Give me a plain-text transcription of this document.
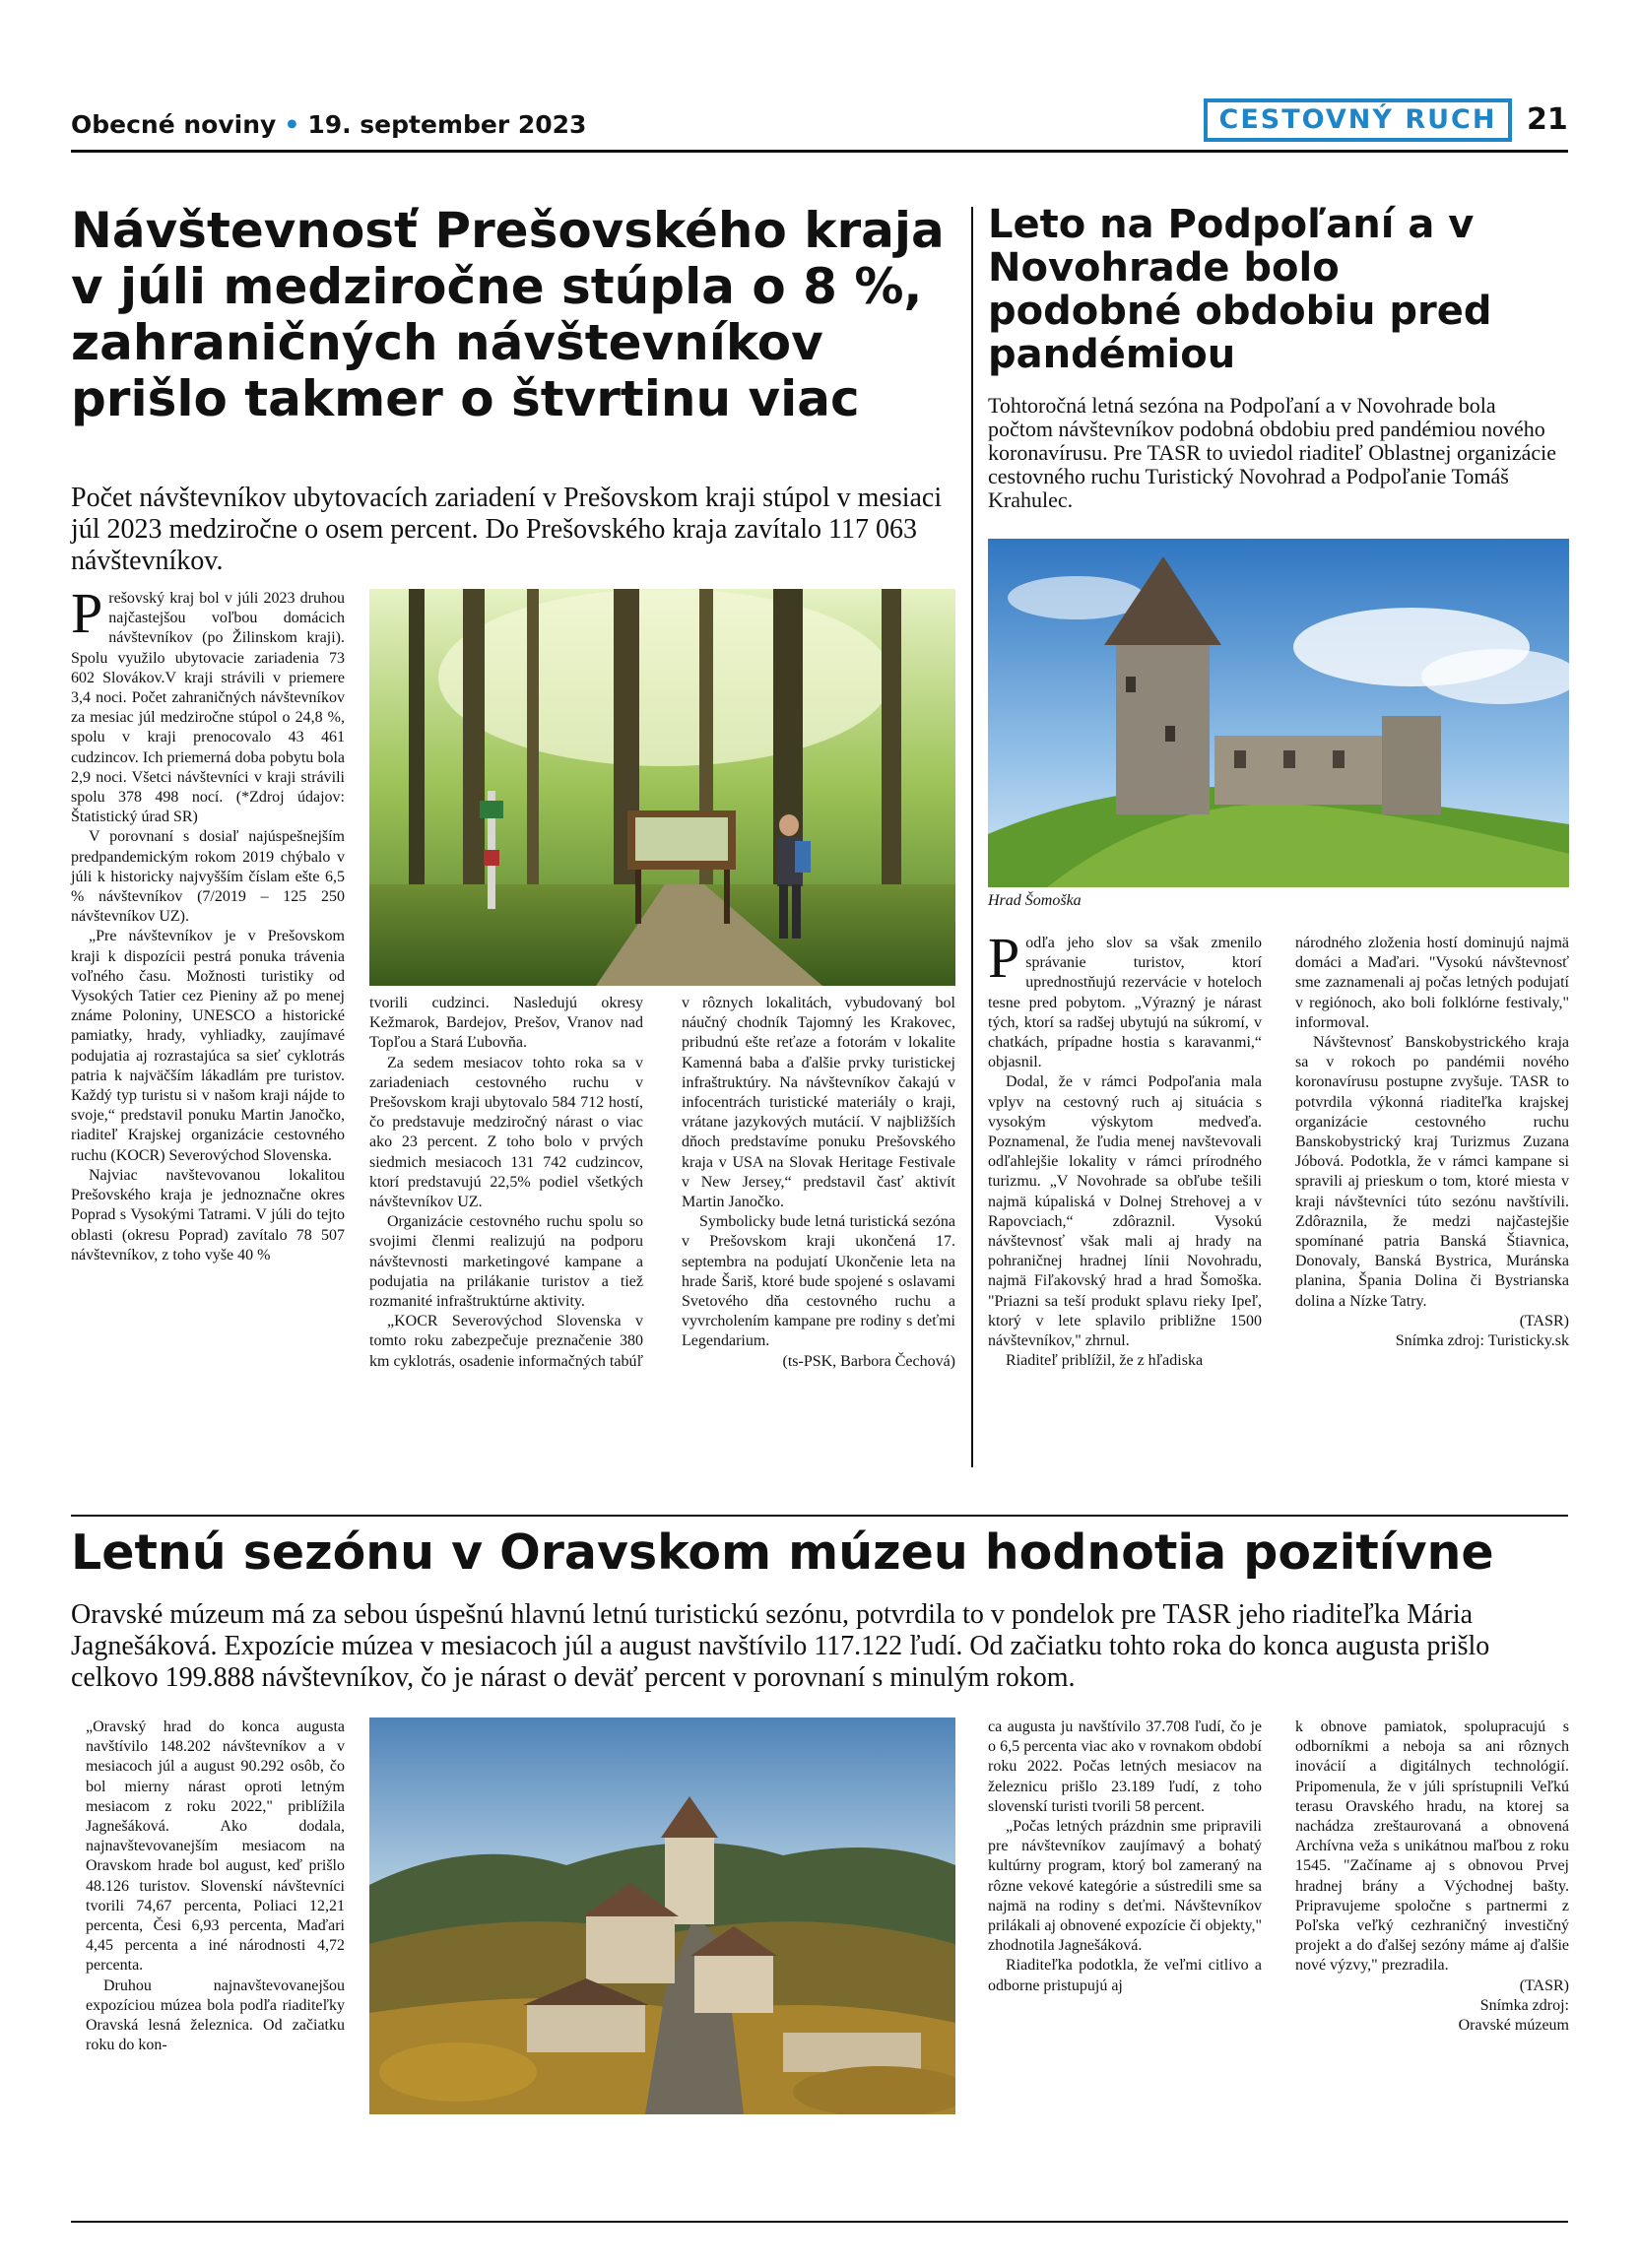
Obecné noviny • 19. september 2023	CESTOVNÝ RUCH	21
Návštevnosť Prešovského kraja v júli medziročne stúpla o 8 %, zahraničných návštevníkov prišlo takmer o štvrtinu viac

Počet návštevníkov ubytovacích zariadení v Prešovskom kraji stúpol v mesiaci júl 2023 medziročne o osem percent. Do Prešovského kraja zavítalo 117 063 návštevníkov.

Prešovský kraj bol v júli 2023 druhou najčastejšou voľbou domácich návštevníkov (po Žilinskom kraji). Spolu využilo ubytovacie zariadenia 73 602 Slovákov.V kraji strávili v priemere 3,4 noci. Počet zahraničných návštevníkov za mesiac júl medziročne stúpol o 24,8 %, spolu v kraji prenocovalo 43 461 cudzincov. Ich priemerná doba pobytu bola 2,9 noci. Všetci návštevníci v kraji strávili spolu 378 498 nocí. (*Zdroj údajov: Štatistický úrad SR)

V porovnaní s dosiaľ najúspešnejším predpandemickým rokom 2019 chýbalo v júli k historicky najvyšším číslam ešte 6,5 % návštevníkov (7/2019 – 125 250 návštevníkov UZ).

„Pre návštevníkov je v Prešovskom kraji k dispozícii pestrá ponuka trávenia voľného času. Možnosti turistiky od Vysokých Tatier cez Pieniny až po menej známe Poloniny, UNESCO a historické pamiatky, hrady, vyhliadky, zaujímavé podujatia aj rozrastajúca sa sieť cyklotrás patria k najväčším lákadlám pre turistov. Každý typ turistu si v našom kraji nájde to svoje,“ predstavil ponuku Martin Janočko, riaditeľ Krajskej organizácie cestovného ruchu (KOCR) Severovýchod Slovenska.

Najviac navštevovanou lokalitou Prešovského kraja je jednoznačne okres Poprad s Vysokými Tatrami. V júli do tejto oblasti (okresu Poprad) zavítalo 78 507 návštevníkov, z toho vyše 40 %

tvorili cudzinci. Nasledujú okresy Kežmarok, Bardejov, Prešov, Vranov nad Topľou a Stará Ľubovňa.

Za sedem mesiacov tohto roka sa v zariadeniach cestovného ruchu v Prešovskom kraji ubytovalo 584 712 hostí, čo predstavuje medziročný nárast o viac ako 23 percent. Z toho bolo v prvých siedmich mesiacoch 131 742 cudzincov, ktorí predstavujú 22,5% podiel všetkých návštevníkov UZ.

Organizácie cestovného ruchu spolu so svojimi členmi realizujú na podporu návštevnosti marketingové kampane a podujatia na prilákanie turistov a tiež rozmanité infraštruktúrne aktivity.

„KOCR Severovýchod Slovenska v tomto roku zabezpečuje preznačenie 380 km cyklotrás, osadenie informačných tabúľ

v rôznych lokalitách, vybudovaný bol náučný chodník Tajomný les Krakovec, pribudnú ešte reťaze a fotorám v lokalite Kamenná baba a ďalšie prvky turistickej infraštruktúry. Na návštevníkov čakajú v infocentrách turistické materiály o kraji, vrátane jazykových mutácií. V najbližších dňoch predstavíme ponuku Prešovského kraja v USA na Slovak Heritage Festivale v New Jersey,“ predstavil časť aktivít Martin Janočko.

Symbolicky bude letná turistická sezóna v Prešovskom kraji ukončená 17. septembra na podujatí Ukončenie leta na hrade Šariš, ktoré bude spojené s oslavami Svetového dňa cestovného ruchu a vyvrcholením kampane pre rodiny s deťmi Legendarium.

(ts-PSK, Barbora Čechová)

Leto na Podpoľaní a v Novohrade bolo podobné obdobiu pred pandémiou

Tohtoročná letná sezóna na Podpoľaní a v Novohrade bola počtom návštevníkov podobná obdobiu pred pandémiou nového koronavírusu. Pre TASR to uviedol riaditeľ Oblastnej organizácie cestovného ruchu Turistický Novohrad a Podpoľanie Tomáš Krahulec.

Hrad Šomoška

Podľa jeho slov sa však zmenilo správanie turistov, ktorí uprednostňujú rezervácie v hoteloch tesne pred pobytom. „Výrazný je nárast tých, ktorí sa radšej ubytujú na súkromí, v chatkách, prípadne hostia s karavanmi,“ objasnil.

Dodal, že v rámci Podpoľania mala vplyv na cestovný ruch aj situácia s vysokým výskytom medveďa. Poznamenal, že ľudia menej navštevovali odľahlejšie lokality v rámci prírodného turizmu. „V Novohrade sa obľube tešili najmä kúpaliská v Dolnej Strehovej a v Rapovciach,“ zdôraznil. Vysokú návštevnosť však mali aj hrady na pohraničnej hradnej línii Novohradu, najmä Fiľakovský hrad a hrad Šomoška. "Priazni sa teší produkt splavu rieky Ipeľ, ktorý v lete splavilo približne 1500 návštevníkov," zhrnul.

Riaditeľ priblížil, že z hľadiska

národného zloženia hostí dominujú najmä domáci a Maďari. "Vysokú návštevnosť sme zaznamenali aj počas letných podujatí v regiónoch, ako boli folklórne festivaly," informoval.

Návštevnosť Banskobystrického kraja sa v rokoch po pandémii nového koronavírusu postupne zvyšuje. TASR to potvrdila výkonná riaditeľka krajskej organizácie cestovného ruchu Banskobystrický kraj Turizmus Zuzana Jóbová. Podotkla, že v rámci kampane si spravili aj prieskum o tom, ktoré miesta v kraji návštevníci túto sezónu navštívili. Zdôraznila, že medzi najčastejšie spomínané patria Banská Štiavnica, Donovaly, Banská Bystrica, Muránska planina, Špania Dolina či Bystrianska dolina a Nízke Tatry.

(TASR)

Snímka zdroj: Turisticky.sk

Letnú sezónu v Oravskom múzeu hodnotia pozitívne

Oravské múzeum má za sebou úspešnú hlavnú letnú turistickú sezónu, potvrdila to v pondelok pre TASR jeho riaditeľka Mária Jagnešáková. Expozície múzea v mesiacoch júl a august navštívilo 117.122 ľudí. Od začiatku tohto roka do konca augusta prišlo celkovo 199.888 návštevníkov, čo je nárast o deväť percent v porovnaní s minulým rokom.

„Oravský hrad do konca augusta navštívilo 148.202 návštevníkov a v mesiacoch júl a august 90.292 osôb, čo bol mierny nárast oproti letným mesiacom z roku 2022," priblížila Jagnešáková. Ako dodala, najnavštevovanejším mesiacom na Oravskom hrade bol august, keď prišlo 48.126 turistov. Slovenskí návštevníci tvorili 74,67 percenta, Poliaci 12,21 percenta, Česi 6,93 percenta, Maďari 4,45 percenta a iné národnosti 4,72 percenta.

Druhou najnavštevovanejšou expozíciou múzea bola podľa riaditeľky Oravská lesná železnica. Od začiatku roku do kon-

ca augusta ju navštívilo 37.708 ľudí, čo je o 6,5 percenta viac ako v rovnakom období roku 2022. Počas letných mesiacov na železnicu prišlo 23.189 ľudí, z toho slovenskí turisti tvorili 58 percent.

„Počas letných prázdnin sme pripravili pre návštevníkov zaujímavý a bohatý kultúrny program, ktorý bol zameraný na rôzne vekové kategórie a sústredili sme sa najmä na rodiny s deťmi. Návštevníkov prilákali aj obnovené expozície či objekty," zhodnotila Jagnešáková.

Riaditeľka podotkla, že veľmi citlivo a odborne pristupujú aj

k obnove pamiatok, spolupracujú s odborníkmi a neboja sa ani rôznych inovácií a digitálnych technológií. Pripomenula, že v júli sprístupnili Veľkú terasu Oravského hradu, na ktorej sa nachádza zreštaurovaná a obnovená Archívna veža s unikátnou maľbou z roku 1545. "Začíname aj s obnovou Prvej hradnej brány a Východnej bašty. Pripravujeme spoločne s partnermi z Poľska veľký cezhraničný investičný projekt a do ďalšej sezóny máme aj ďalšie nové výzvy," prezradila.

(TASR)

Snímka zdroj:

Oravské múzeum
